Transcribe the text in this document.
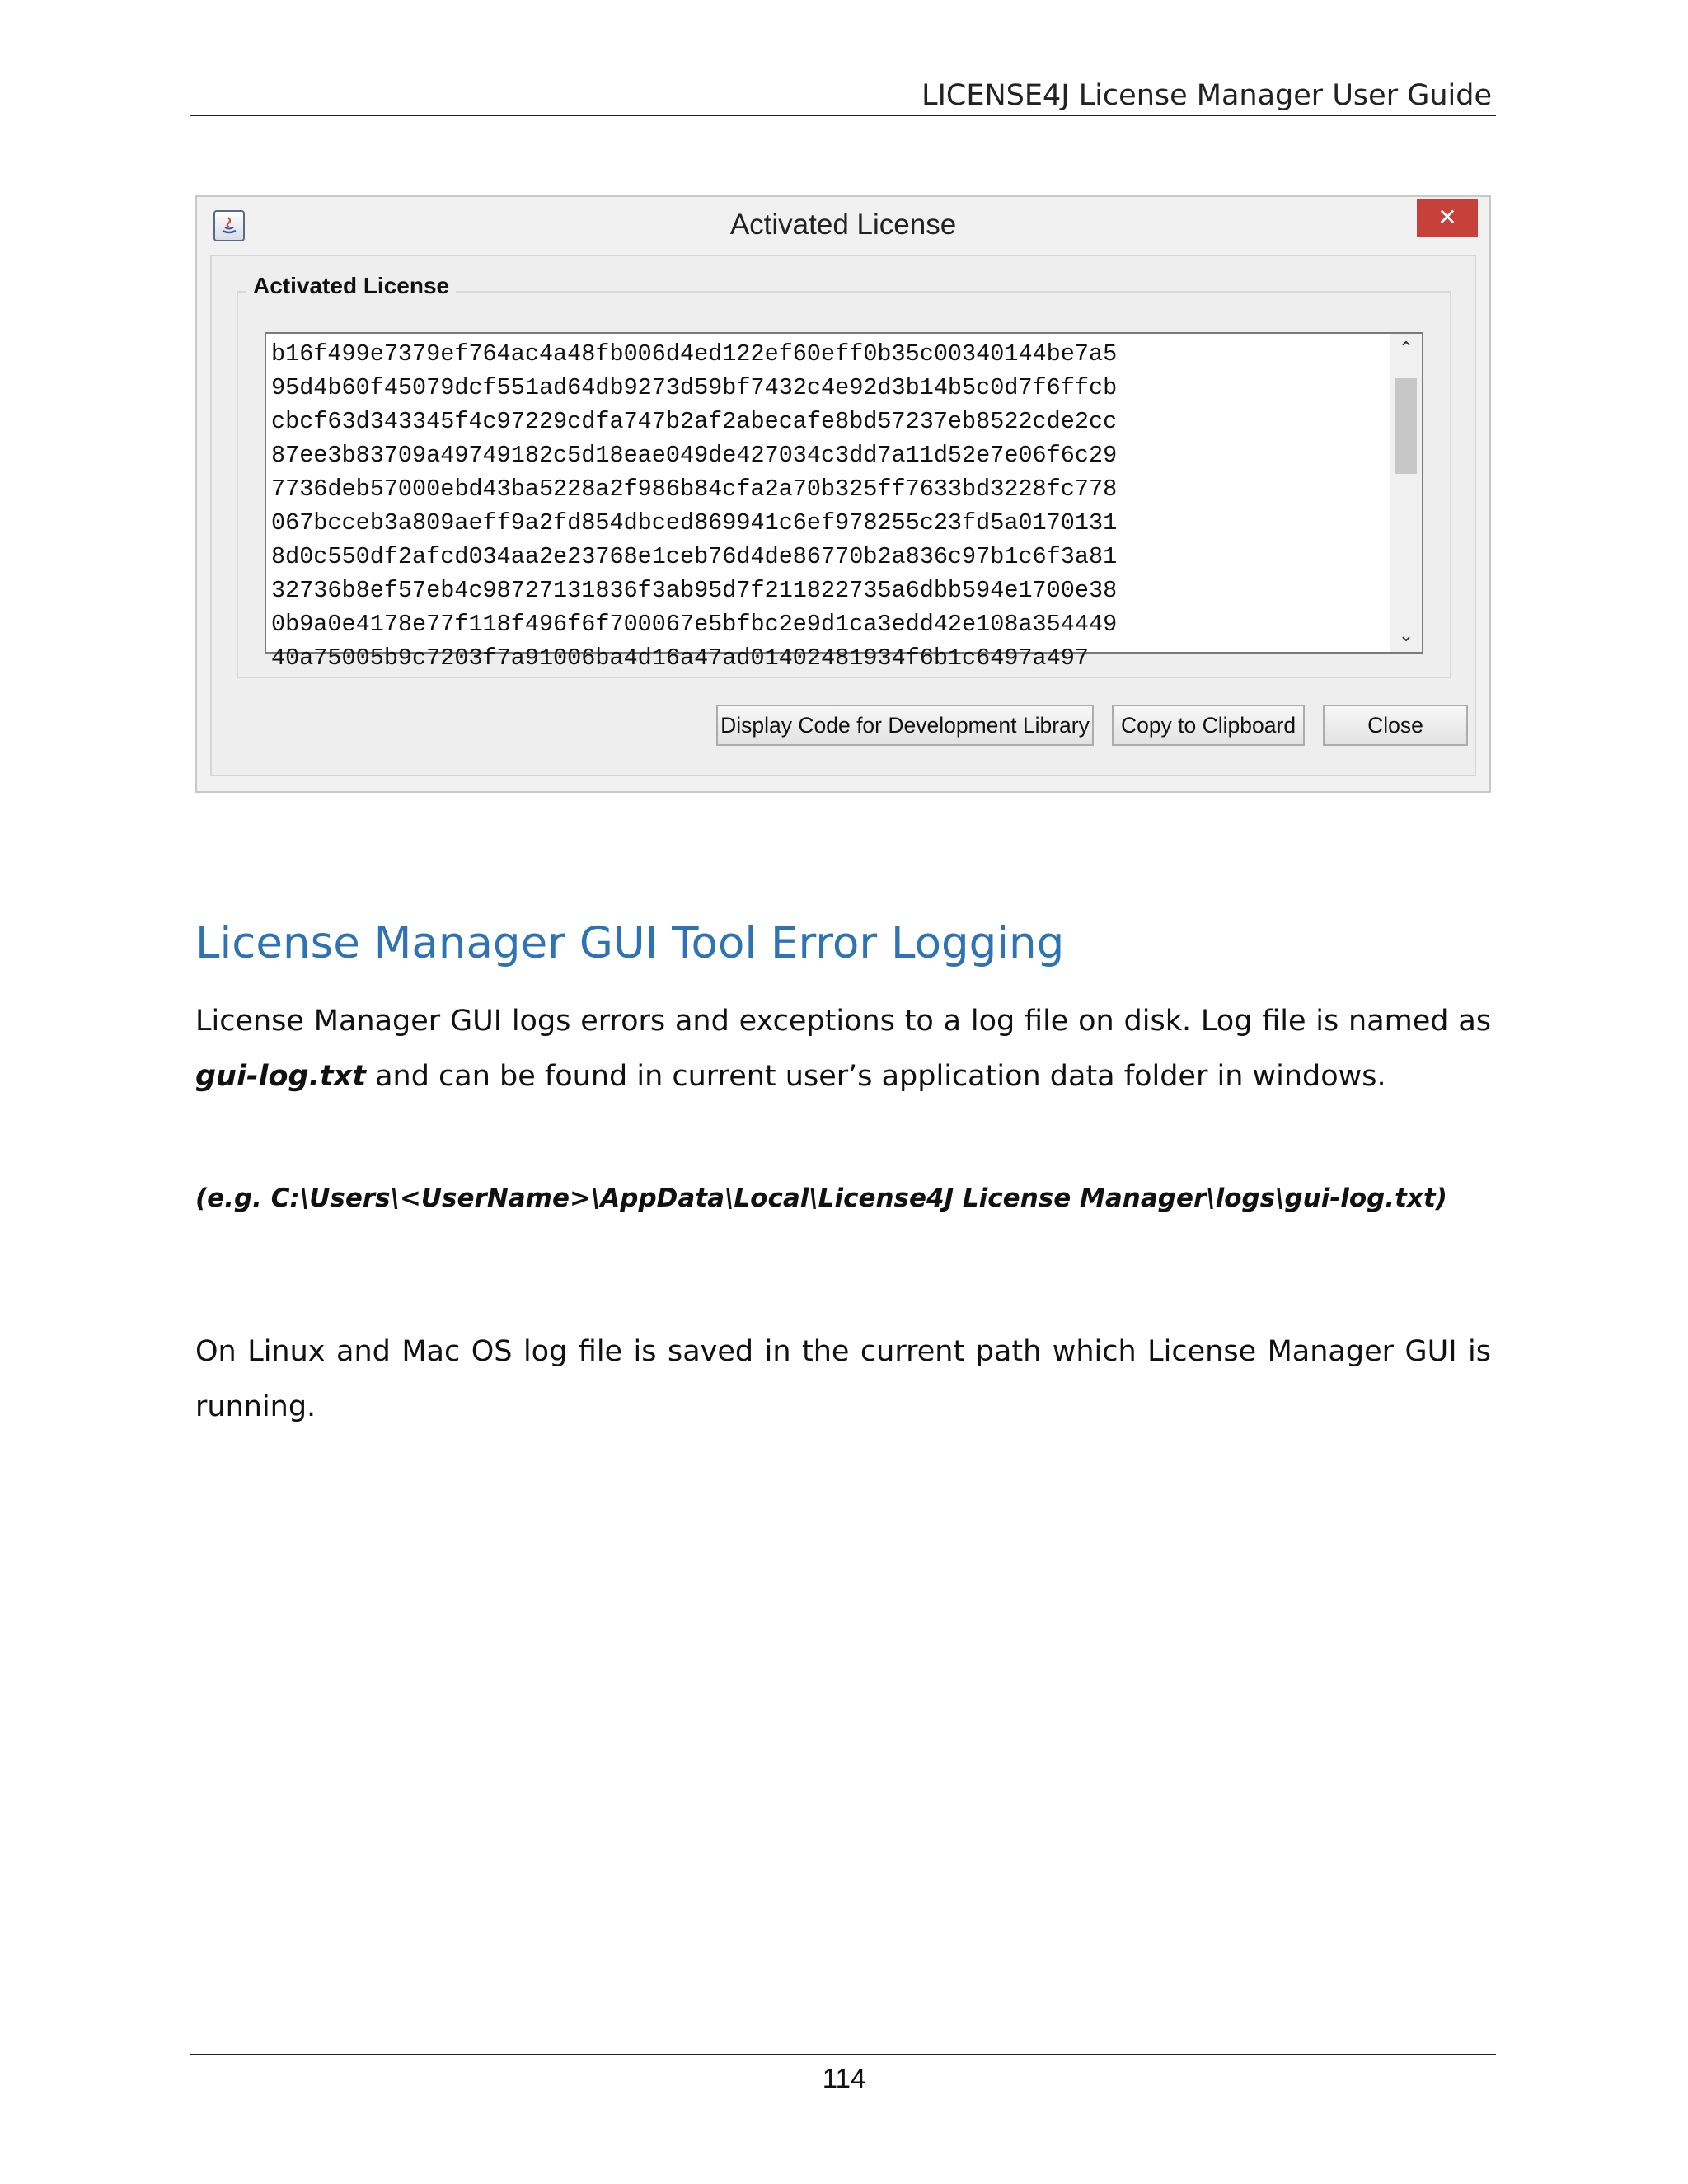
LICENSE4J License Manager User Guide
Activated License	✕
Activated License
b16f499e7379ef764ac4a48fb006d4ed122ef60eff0b35c00340144be7a5
95d4b60f45079dcf551ad64db9273d59bf7432c4e92d3b14b5c0d7f6ffcb
cbcf63d343345f4c97229cdfa747b2af2abecafe8bd57237eb8522cde2cc
87ee3b83709a49749182c5d18eae049de427034c3dd7a11d52e7e06f6c29
7736deb57000ebd43ba5228a2f986b84cfa2a70b325ff7633bd3228fc778
067bcceb3a809aeff9a2fd854dbced869941c6ef978255c23fd5a0170131
8d0c550df2afcd034aa2e23768e1ceb76d4de86770b2a836c97b1c6f3a81
32736b8ef57eb4c98727131836f3ab95d7f211822735a6dbb594e1700e38
0b9a0e4178e77f118f496f6f700067e5bfbc2e9d1ca3edd42e108a354449
40a75005b9c7203f7a91006ba4d16a47ad01402481934f6b1c6497a497
⌃
⌄
Display Code for Development Library	Copy to Clipboard	Close
License Manager GUI Tool Error Logging

License Manager GUI logs errors and exceptions to a log file on disk. Log file is named as gui-log.txt and can be found in current user’s application data folder in windows.

(e.g. C:\Users\<UserName>\AppData\Local\License4J License Manager\logs\gui-log.txt)

On Linux and Mac OS log file is saved in the current path which License Manager GUI is running.

114
